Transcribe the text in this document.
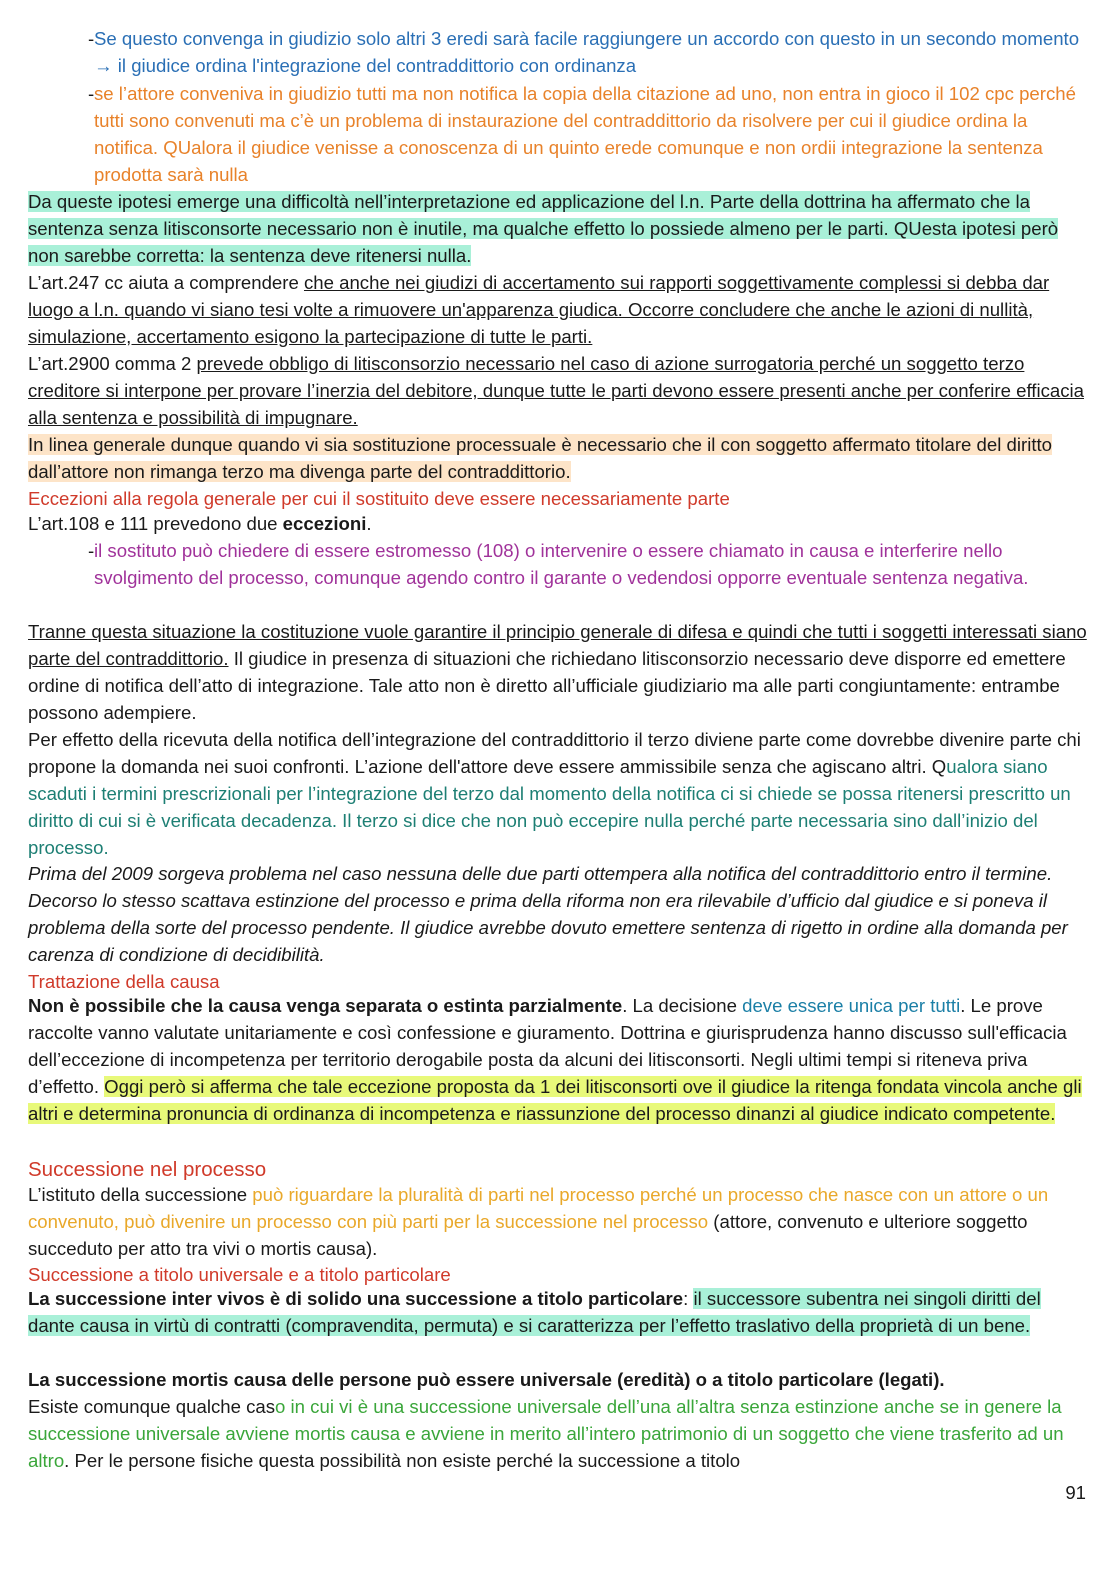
- Se questo convenga in giudizio solo altri 3 eredi sarà facile raggiungere un accordo con questo in un secondo momento → il giudice ordina l'integrazione del contraddittorio con ordinanza
- se l’attore conveniva in giudizio tutti ma non notifica la copia della citazione ad uno, non entra in gioco il 102 cpc perché tutti sono convenuti ma c’è un problema di instaurazione del contraddittorio da risolvere per cui il giudice ordina la notifica. QUalora il giudice venisse a conoscenza di un quinto erede comunque e non ordii integrazione la sentenza prodotta sarà nulla
Da queste ipotesi emerge una difficoltà nell’interpretazione ed applicazione del l.n. Parte della dottrina ha affermato che la sentenza senza litisconsorte necessario non è inutile, ma qualche effetto lo possiede almeno per le parti. QUesta ipotesi però non sarebbe corretta: la sentenza deve ritenersi nulla.
L’art.247 cc aiuta a comprendere che anche nei giudizi di accertamento sui rapporti soggettivamente complessi si debba dar luogo a l.n. quando vi siano tesi volte a rimuovere un'apparenza giudica. Occorre concludere che anche le azioni di nullità, simulazione, accertamento esigono la partecipazione di tutte le parti.
L’art.2900 comma 2 prevede obbligo di litisconsorzio necessario nel caso di azione surrogatoria perché un soggetto terzo creditore si interpone per provare l’inerzia del debitore, dunque tutte le parti devono essere presenti anche per conferire efficacia alla sentenza e possibilità di impugnare.
In linea generale dunque quando vi sia sostituzione processuale è necessario che il con soggetto affermato titolare del diritto dall’attore non rimanga terzo ma divenga parte del contraddittorio.
Eccezioni alla regola generale per cui il sostituito deve essere necessariamente parte
L’art.108 e 111 prevedono due eccezioni.
- il sostituto può chiedere di essere estromesso (108) o intervenire o essere chiamato in causa e interferire nello svolgimento del processo, comunque agendo contro il garante o vedendosi opporre eventuale sentenza negativa.
Tranne questa situazione la costituzione vuole garantire il principio generale di difesa e quindi che tutti i soggetti interessati siano parte del contraddittorio. Il giudice in presenza di situazioni che richiedano litisconsorzio necessario deve disporre ed emettere ordine di notifica dell’atto di integrazione. Tale atto non è diretto all’ufficiale giudiziario ma alle parti congiuntamente: entrambe possono adempiere.
Per effetto della ricevuta della notifica dell’integrazione del contraddittorio il terzo diviene parte come dovrebbe divenire parte chi propone la domanda nei suoi confronti. L’azione dell'attore deve essere ammissibile senza che agiscano altri. Qualora siano scaduti i termini prescrizionali per l’integrazione del terzo dal momento della notifica ci si chiede se possa ritenersi prescritto un diritto di cui si è verificata decadenza. Il terzo si dice che non può eccepire nulla perché parte necessaria sino dall’inizio del processo.
Prima del 2009 sorgeva problema nel caso nessuna delle due parti ottempera alla notifica del contraddittorio entro il termine. Decorso lo stesso scattava estinzione del processo e prima della riforma non era rilevabile d’ufficio dal giudice e si poneva il problema della sorte del processo pendente. Il giudice avrebbe dovuto emettere sentenza di rigetto in ordine alla domanda per carenza di condizione di decidibilità.
Trattazione della causa
Non è possibile che la causa venga separata o estinta parzialmente. La decisione deve essere unica per tutti. Le prove raccolte vanno valutate unitariamente e così confessione e giuramento. Dottrina e giurisprudenza hanno discusso sull'efficacia dell’eccezione di incompetenza per territorio derogabile posta da alcuni dei litisconsorti. Negli ultimi tempi si riteneva priva d’effetto. Oggi però si afferma che tale eccezione proposta da 1 dei litisconsorti ove il giudice la ritenga fondata vincola anche gli altri e determina pronuncia di ordinanza di incompetenza e riassunzione del processo dinanzi al giudice indicato competente.
Successione nel processo
L’istituto della successione può riguardare la pluralità di parti nel processo perché un processo che nasce con un attore o un convenuto, può divenire un processo con più parti per la successione nel processo (attore, convenuto e ulteriore soggetto succeduto per atto tra vivi o mortis causa).
Successione a titolo universale e a titolo particolare
La successione inter vivos è di solido una successione a titolo particolare: il successore subentra nei singoli diritti del dante causa in virtù di contratti (compravendita, permuta) e si caratterizza per l’effetto traslativo della proprietà di un bene.
La successione mortis causa delle persone può essere universale (eredità) o a titolo particolare (legati).
Esiste comunque qualche caso in cui vi è una successione universale dell’una all’altra senza estinzione anche se in genere la successione universale avviene mortis causa e avviene in merito all’intero patrimonio di un soggetto che viene trasferito ad un altro. Per le persone fisiche questa possibilità non esiste perché la successione a titolo
91
